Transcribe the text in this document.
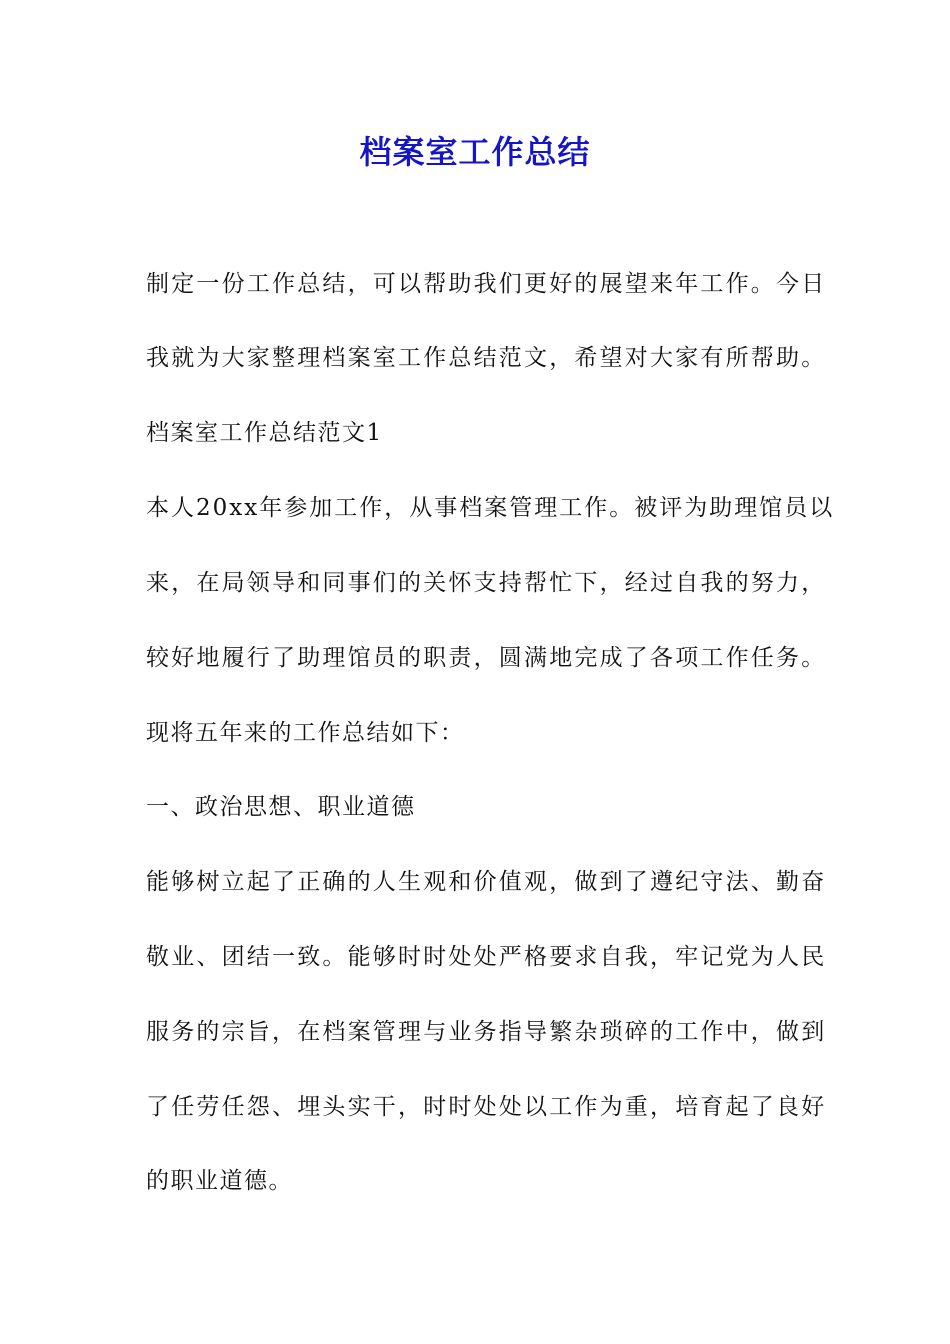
档案室工作总结

制定一份工作总结，可以帮助我们更好的展望来年工作。今日

我就为大家整理档案室工作总结范文，希望对大家有所帮助。

档案室工作总结范文1

本人20xx年参加工作，从事档案管理工作。被评为助理馆员以

来，在局领导和同事们的关怀支持帮忙下，经过自我的努力，

较好地履行了助理馆员的职责，圆满地完成了各项工作任务。

现将五年来的工作总结如下：

一、政治思想、职业道德

能够树立起了正确的人生观和价值观，做到了遵纪守法、勤奋

敬业、团结一致。能够时时处处严格要求自我，牢记党为人民

服务的宗旨，在档案管理与业务指导繁杂琐碎的工作中，做到

了任劳任怨、埋头实干，时时处处以工作为重，培育起了良好

的职业道德。
